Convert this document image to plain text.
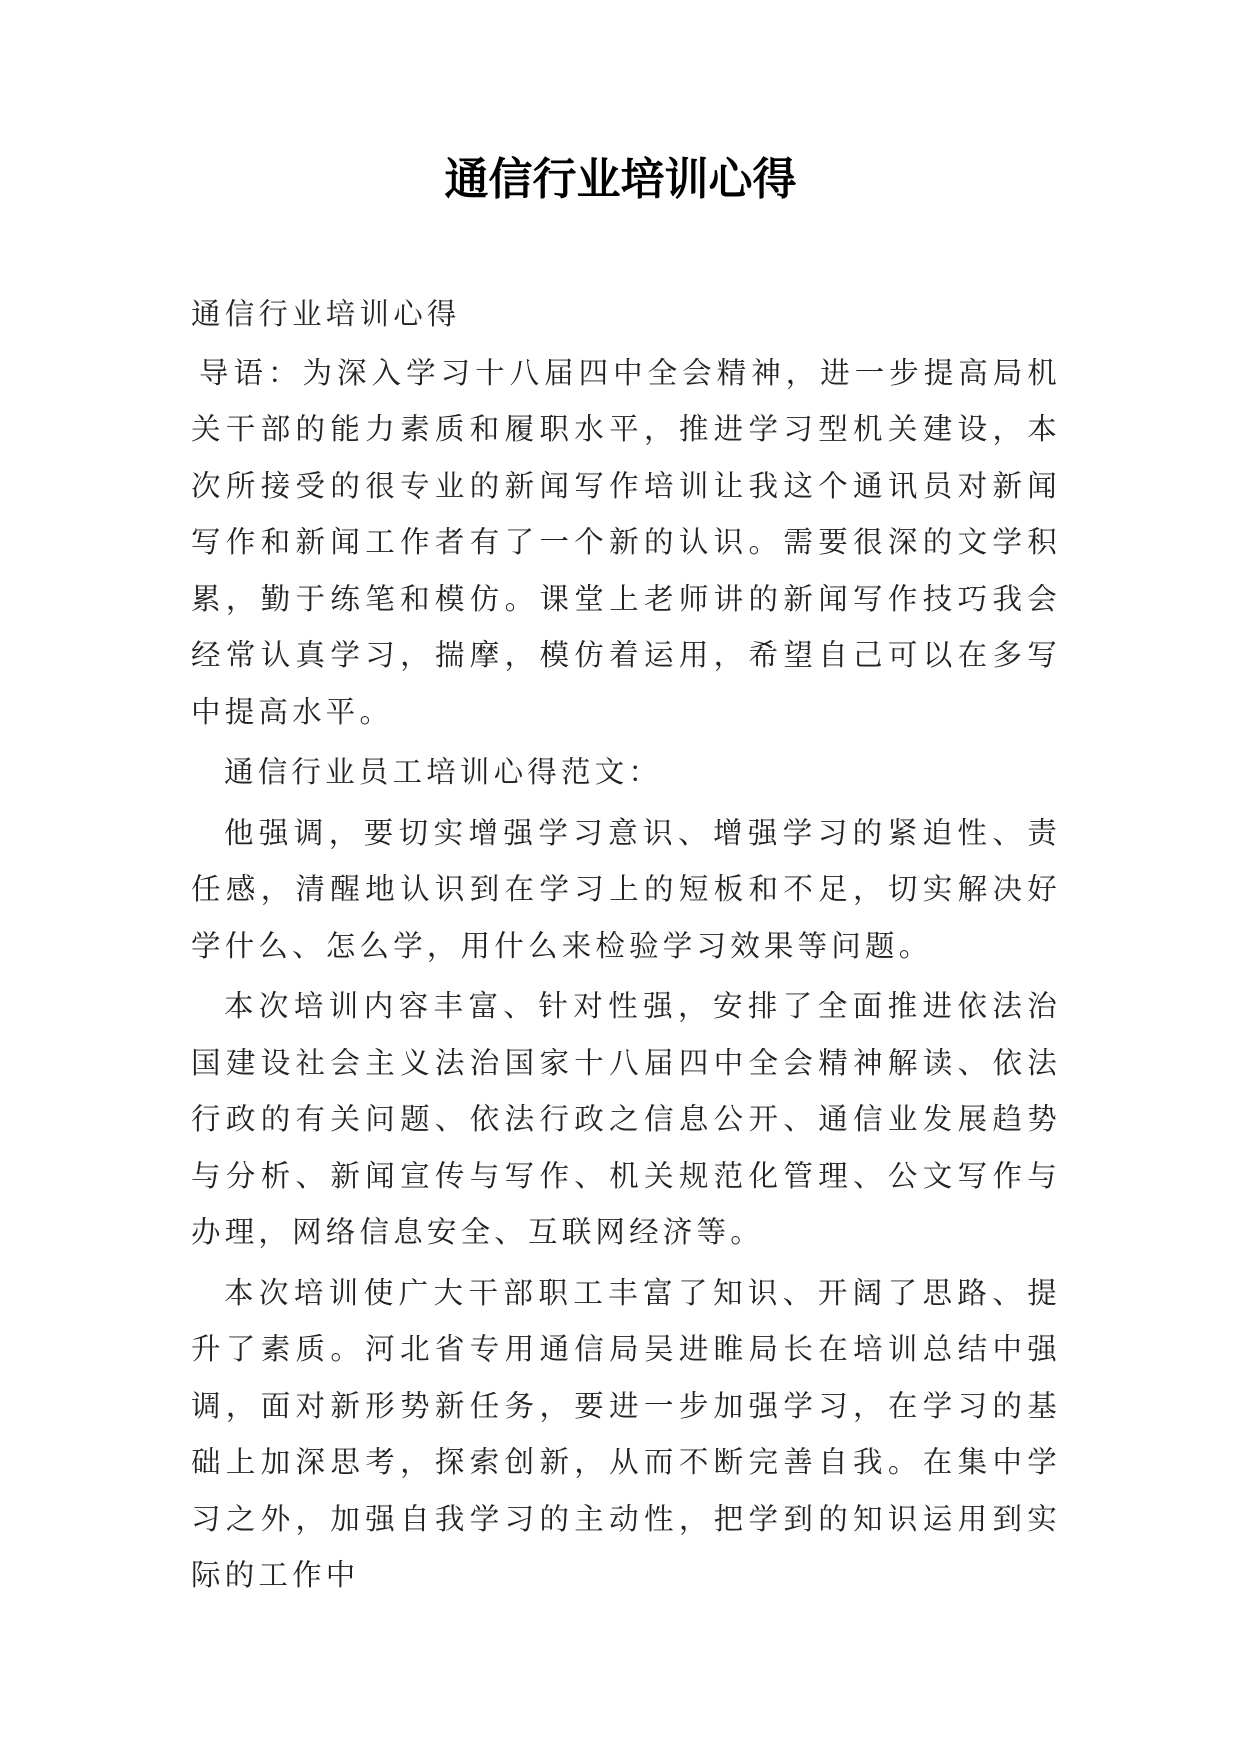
通信行业培训心得

通信行业培训心得

导语：为深入学习十八届四中全会精神，进一步提高局机关干部的能力素质和履职水平，推进学习型机关建设，本次所接受的很专业的新闻写作培训让我这个通讯员对新闻写作和新闻工作者有了一个新的认识。需要很深的文学积累，勤于练笔和模仿。课堂上老师讲的新闻写作技巧我会经常认真学习，揣摩，模仿着运用，希望自己可以在多写中提高水平。

通信行业员工培训心得范文：

他强调，要切实增强学习意识、增强学习的紧迫性、责任感，清醒地认识到在学习上的短板和不足，切实解决好学什么、怎么学，用什么来检验学习效果等问题。

本次培训内容丰富、针对性强，安排了全面推进依法治国建设社会主义法治国家十八届四中全会精神解读、依法行政的有关问题、依法行政之信息公开、通信业发展趋势与分析、新闻宣传与写作、机关规范化管理、公文写作与办理，网络信息安全、互联网经济等。

本次培训使广大干部职工丰富了知识、开阔了思路、提升了素质。河北省专用通信局吴进睢局长在培训总结中强调，面对新形势新任务，要进一步加强学习，在学习的基础上加深思考，探索创新，从而不断完善自我。在集中学习之外，加强自我学习的主动性，把学到的知识运用到实际的工作中
